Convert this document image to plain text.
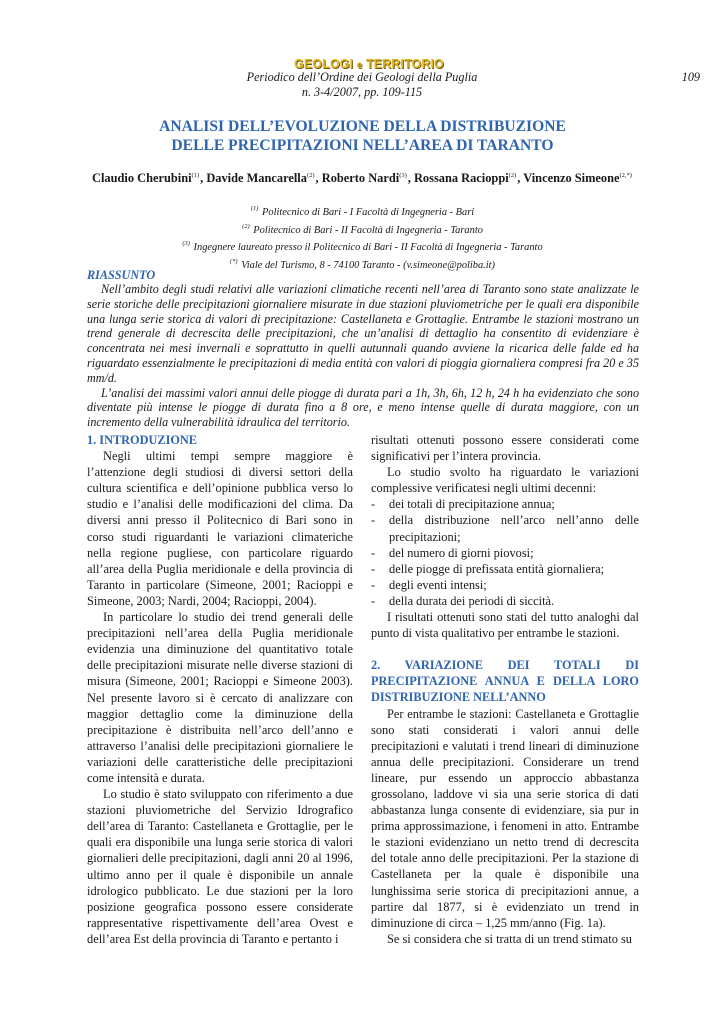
GEOLOGI e TERRITORIO
Periodico dell’Ordine dei Geologi della Puglia
n. 3-4/2007, pp. 109-115
109
ANALISI DELL’EVOLUZIONE DELLA DISTRIBUZIONE
DELLE PRECIPITAZIONI NELL’AREA DI TARANTO
Claudio Cherubini$^{(1)}$, Davide Mancarella$^{(2)}$, Roberto Nardi$^{(3)}$, Rossana Racioppi$^{(2)}$, Vincenzo Simeone$^{(2,*)}$
$^{(1)}$ Politecnico di Bari - I Facoltà di Ingegneria - Bari
$^{(2)}$ Politecnico di Bari - II Facoltà di Ingegneria - Taranto
$^{(3)}$ Ingegnere laureato presso il Politecnico di Bari - II Facoltà di Ingegneria - Taranto
(*) Viale del Turismo, 8 - 74100 Taranto - (v.simeone@poliba.it)
RIASSUNTO

Nell’ambito degli studi relativi alle variazioni climatiche recenti nell’area di Taranto sono state analizzate le serie storiche delle precipitazioni giornaliere misurate in due stazioni pluviometriche per le quali era disponibile una lunga serie storica di valori di precipitazione: Castellaneta e Grottaglie. Entrambe le stazioni mostrano un trend generale di decrescita delle precipitazioni, che un’analisi di dettaglio ha consentito di evidenziare è concentrata nei mesi invernali e soprattutto in quelli autunnali quando avviene la ricarica delle falde ed ha riguardato essenzialmente le precipitazioni di media entità con valori di pioggia giornaliera compresi fra 20 e 35 mm/d.

L’analisi dei massimi valori annui delle piogge di durata pari a 1h, 3h, 6h, 12 h, 24 h ha evidenziato che sono diventate più intense le piogge di durata fino a 8 ore, e meno intense quelle di durata maggiore, con un incremento della vulnerabilità idraulica del territorio.

1. INTRODUZIONE

Negli ultimi tempi sempre maggiore è l’attenzione degli studiosi di diversi settori della cultura scientifica e dell’opinione pubblica verso lo studio e l’analisi delle modificazioni del clima. Da diversi anni presso il Politecnico di Bari sono in corso studi riguardanti le variazioni climateriche nella regione pugliese, con particolare riguardo all’area della Puglia meridionale e della provincia di Taranto in particolare (Simeone, 2001; Racioppi e Simeone, 2003; Nardi, 2004; Racioppi, 2004).

In particolare lo studio dei trend generali delle precipitazioni nell’area della Puglia meridionale evidenzia una diminuzione del quantitativo totale delle precipitazioni misurate nelle diverse stazioni di misura (Simeone, 2001; Racioppi e Simeone 2003). Nel presente lavoro si è cercato di analizzare con maggior dettaglio come la diminuzione della precipitazione è distribuita nell’arco dell’anno e attraverso l’analisi delle precipitazioni giornaliere le variazioni delle caratteristiche delle precipitazioni come intensità e durata.

Lo studio è stato sviluppato con riferimento a due stazioni pluviometriche del Servizio Idrografico dell’area di Taranto: Castellaneta e Grottaglie, per le quali era disponibile una lunga serie storica di valori giornalieri delle precipitazioni, dagli anni 20 al 1996, ultimo anno per il quale è disponibile un annale idrologico pubblicato. Le due stazioni per la loro posizione geografica possono essere considerate rappresentative rispettivamente dell’area Ovest e dell’area Est della provincia di Taranto e pertanto i

risultati ottenuti possono essere considerati come significativi per l’intera provincia.

Lo studio svolto ha riguardato le variazioni complessive verificatesi negli ultimi decenni:

- dei totali di precipitazione annua;
- della distribuzione nell’arco nell’anno delle precipitazioni;
- del numero di giorni piovosi;
- delle piogge di prefissata entità giornaliera;
- degli eventi intensi;
- della durata dei periodi di siccità.

I risultati ottenuti sono stati del tutto analoghi dal punto di vista qualitativo per entrambe le stazioni.

2. VARIAZIONE DEI TOTALI DI PRECIPITAZIONE ANNUA E DELLA LORO DISTRIBUZIONE NELL’ANNO

Per entrambe le stazioni: Castellaneta e Grottaglie sono stati considerati i valori annui delle precipitazioni e valutati i trend lineari di diminuzione annua delle precipitazioni. Considerare un trend lineare, pur essendo un approccio abbastanza grossolano, laddove vi sia una serie storica di dati abbastanza lunga consente di evidenziare, sia pur in prima approssimazione, i fenomeni in atto. Entrambe le stazioni evidenziano un netto trend di decrescita del totale anno delle precipitazioni. Per la stazione di Castellaneta per la quale è disponibile una lunghissima serie storica di precipitazioni annue, a partire dal 1877, si è evidenziato un trend in diminuzione di circa – 1,25 mm/anno (Fig. 1a).

Se si considera che si tratta di un trend stimato su
